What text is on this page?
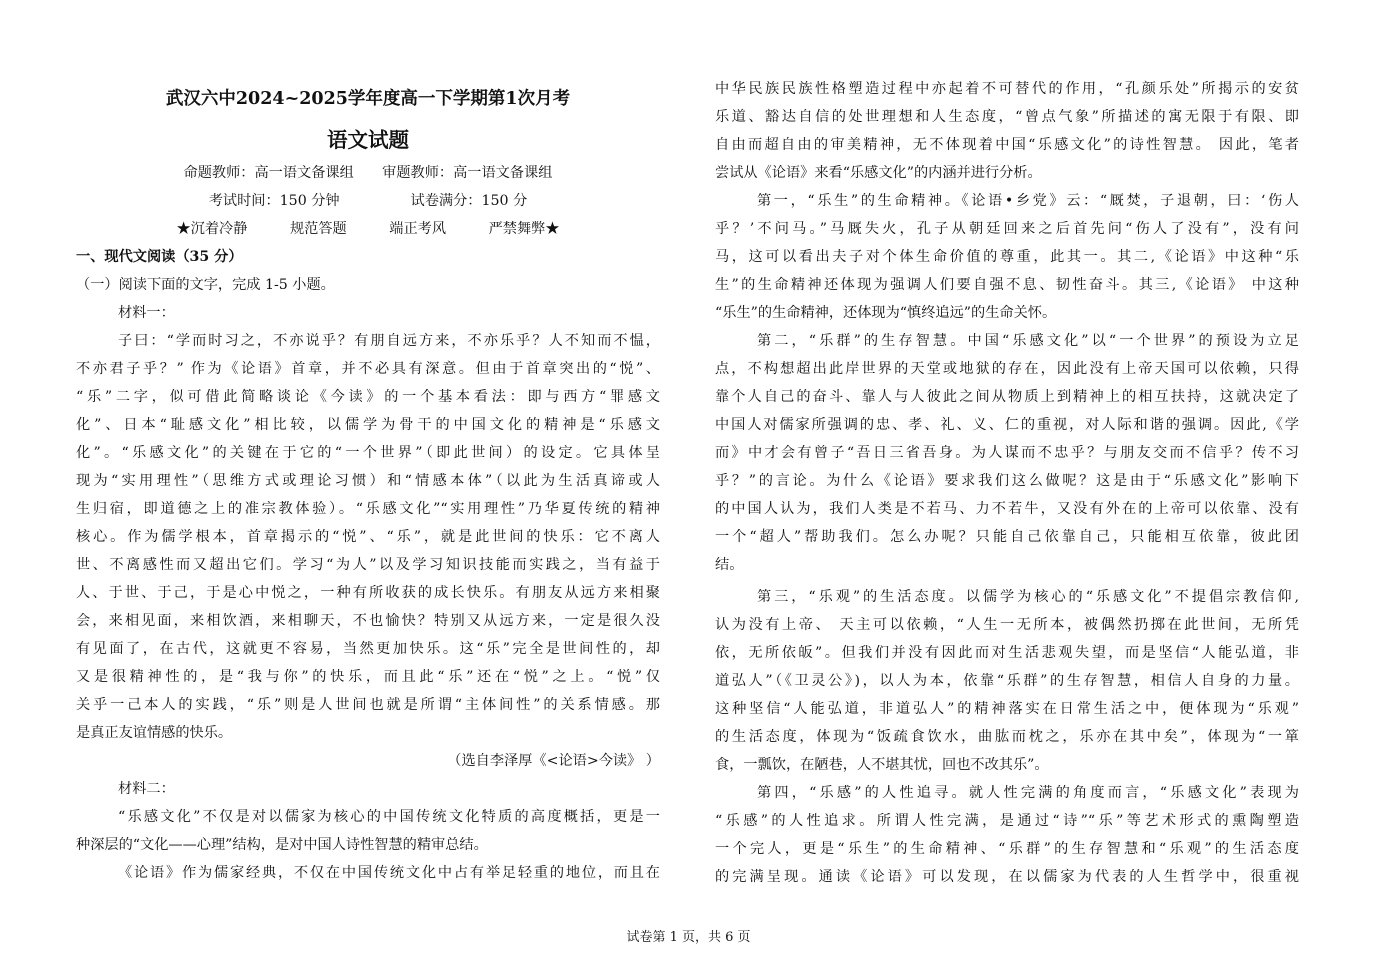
武汉六中2024~2025学年度高一下学期第1次月考
语文试题
命题教师：高一语文备课组　　审题教师：高一语文备课组
考试时间：150 分钟　　　　　试卷满分：150 分
★沉着冷静　　　规范答题　　　端正考风　　　严禁舞弊★
一、现代文阅读（35 分）
（一）阅读下面的文字，完成 1-5 小题。
材料一：
子曰：“学而时习之，不亦说乎？有朋自远方来，不亦乐乎？人不知而不愠，
不亦君子乎？” 作为《论语》首章，并不必具有深意。但由于首章突出的“悦”、
“乐”二字，似可借此简略谈论《今读》的一个基本看法：即与西方“罪感文
化”、日本“耻感文化”相比较，以儒学为骨干的中国文化的精神是“乐感文
化”。“乐感文化”的关键在于它的“一个世界”（即此世间）的设定。它具体呈
现为“实用理性”（思维方式或理论习惯）和“情感本体”（以此为生活真谛或人
生归宿，即道德之上的准宗教体验）。“乐感文化”“实用理性”乃华夏传统的精神
核心。作为儒学根本，首章揭示的“悦”、“乐”，就是此世间的快乐：它不离人
世、不离感性而又超出它们。学习“为人”以及学习知识技能而实践之，当有益于
人、于世、于己，于是心中悦之，一种有所收获的成长快乐。有朋友从远方来相聚
会，来相见面，来相饮酒，来相聊天，不也愉快？特别又从远方来，一定是很久没
有见面了，在古代，这就更不容易，当然更加快乐。这“乐”完全是世间性的，却
又是很精神性的，是“我与你”的快乐，而且此“乐”还在“悦”之上。“悦”仅
关乎一己本人的实践，“乐”则是人世间也就是所谓“主体间性”的关系情感。那
是真正友谊情感的快乐。
（选自李泽厚《<论语>今读》 ）
材料二：
“乐感文化”不仅是对以儒家为核心的中国传统文化特质的高度概括，更是一
种深层的“文化——心理”结构，是对中国人诗性智慧的精审总结。
《论语》作为儒家经典，不仅在中国传统文化中占有举足轻重的地位，而且在
中华民族民族性格塑造过程中亦起着不可替代的作用，“孔颜乐处”所揭示的安贫
乐道、豁达自信的处世理想和人生态度，“曾点气象”所描述的寓无限于有限、即
自由而超自由的审美精神，无不体现着中国“乐感文化”的诗性智慧。 因此，笔者
尝试从《论语》来看“乐感文化”的内涵并进行分析。
第一，“乐生”的生命精神。《论语•乡党》云：“厩焚，子退朝，曰：‘伤人
乎？’不问马。”马厩失火，孔子从朝廷回来之后首先问“伤人了没有”，没有问
马，这可以看出夫子对个体生命价值的尊重，此其一。其二,《论语》中这种“乐
生”的生命精神还体现为强调人们要自强不息、韧性奋斗。其三,《论语》 中这种
“乐生”的生命精神，还体现为“慎终追远”的生命关怀。
第二，“乐群”的生存智慧。中国“乐感文化”以“一个世界”的预设为立足
点，不构想超出此岸世界的天堂或地狱的存在，因此没有上帝天国可以依赖，只得
靠个人自己的奋斗、靠人与人彼此之间从物质上到精神上的相互扶持，这就决定了
中国人对儒家所强调的忠、孝、礼、义、仁的重视，对人际和谐的强调。因此,《学
而》中才会有曾子“吾日三省吾身。为人谋而不忠乎？与朋友交而不信乎？传不习
乎？”的言论。为什么《论语》要求我们这么做呢？这是由于“乐感文化”影响下
的中国人认为，我们人类是不若马、力不若牛，又没有外在的上帝可以依靠、没有
一个“超人”帮助我们。怎么办呢？只能自己依靠自己，只能相互依靠，彼此团
结。
第三，“乐观”的生活态度。以儒学为核心的“乐感文化”不提倡宗教信仰,
认为没有上帝、 天主可以依赖，“人生一无所本，被偶然扔掷在此世间，无所凭
依，无所依皈”。但我们并没有因此而对生活悲观失望，而是坚信“人能弘道，非
道弘人”（《卫灵公》)，以人为本，依靠“乐群”的生存智慧，相信人自身的力量。
这种坚信“人能弘道，非道弘人”的精神落实在日常生活之中，便体现为“乐观”
的生活态度，体现为“饭疏食饮水，曲肱而枕之，乐亦在其中矣”，体现为“一箪
食，一瓢饮，在陋巷，人不堪其忧，回也不改其乐”。
第四，“乐感”的人性追寻。就人性完满的角度而言，“乐感文化”表现为
“乐感”的人性追求。所谓人性完满，是通过“诗”“乐”等艺术形式的熏陶塑造
一个完人，更是“乐生”的生命精神、“乐群”的生存智慧和“乐观”的生活态度
的完满呈现。通读《论语》可以发现，在以儒家为代表的人生哲学中，很重视
试卷第 1 页，共 6 页
